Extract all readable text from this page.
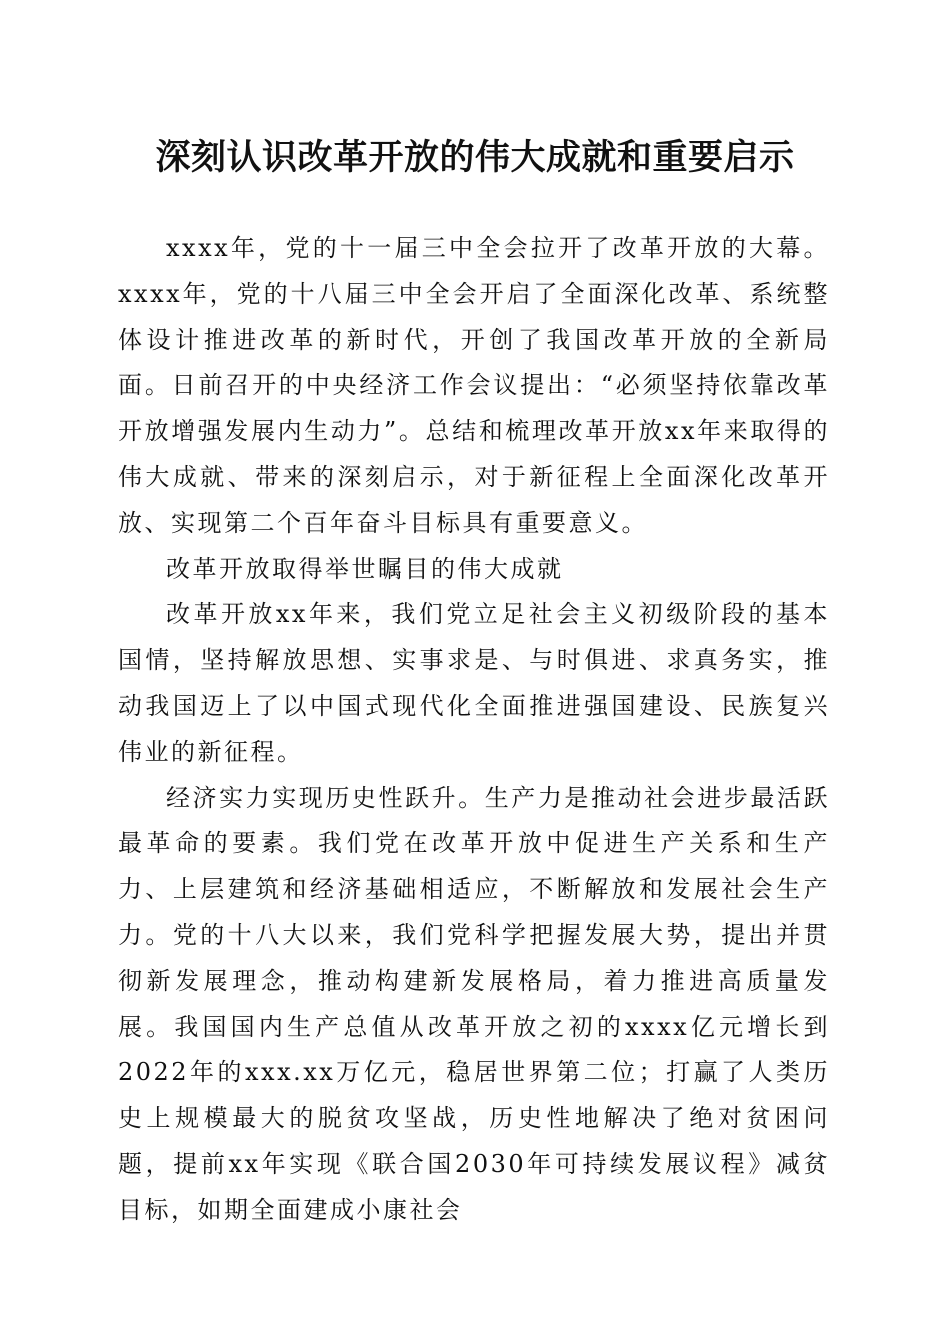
深刻认识改革开放的伟大成就和重要启示

xxxx年，党的十一届三中全会拉开了改革开放的大幕。xxxx年，党的十八届三中全会开启了全面深化改革、系统整体设计推进改革的新时代，开创了我国改革开放的全新局面。日前召开的中央经济工作会议提出：“必须坚持依靠改革开放增强发展内生动力”。总结和梳理改革开放xx年来取得的伟大成就、带来的深刻启示，对于新征程上全面深化改革开放、实现第二个百年奋斗目标具有重要意义。

改革开放取得举世瞩目的伟大成就

改革开放xx年来，我们党立足社会主义初级阶段的基本国情，坚持解放思想、实事求是、与时俱进、求真务实，推动我国迈上了以中国式现代化全面推进强国建设、民族复兴伟业的新征程。

经济实力实现历史性跃升。生产力是推动社会进步最活跃最革命的要素。我们党在改革开放中促进生产关系和生产力、上层建筑和经济基础相适应，不断解放和发展社会生产力。党的十八大以来，我们党科学把握发展大势，提出并贯彻新发展理念，推动构建新发展格局，着力推进高质量发展。我国国内生产总值从改革开放之初的xxxx亿元增长到2022年的xxx.xx万亿元，稳居世界第二位；打赢了人类历史上规模最大的脱贫攻坚战，历史性地解决了绝对贫困问题，提前xx年实现《联合国2030年可持续发展议程》减贫目标，如期全面建成小康社会
